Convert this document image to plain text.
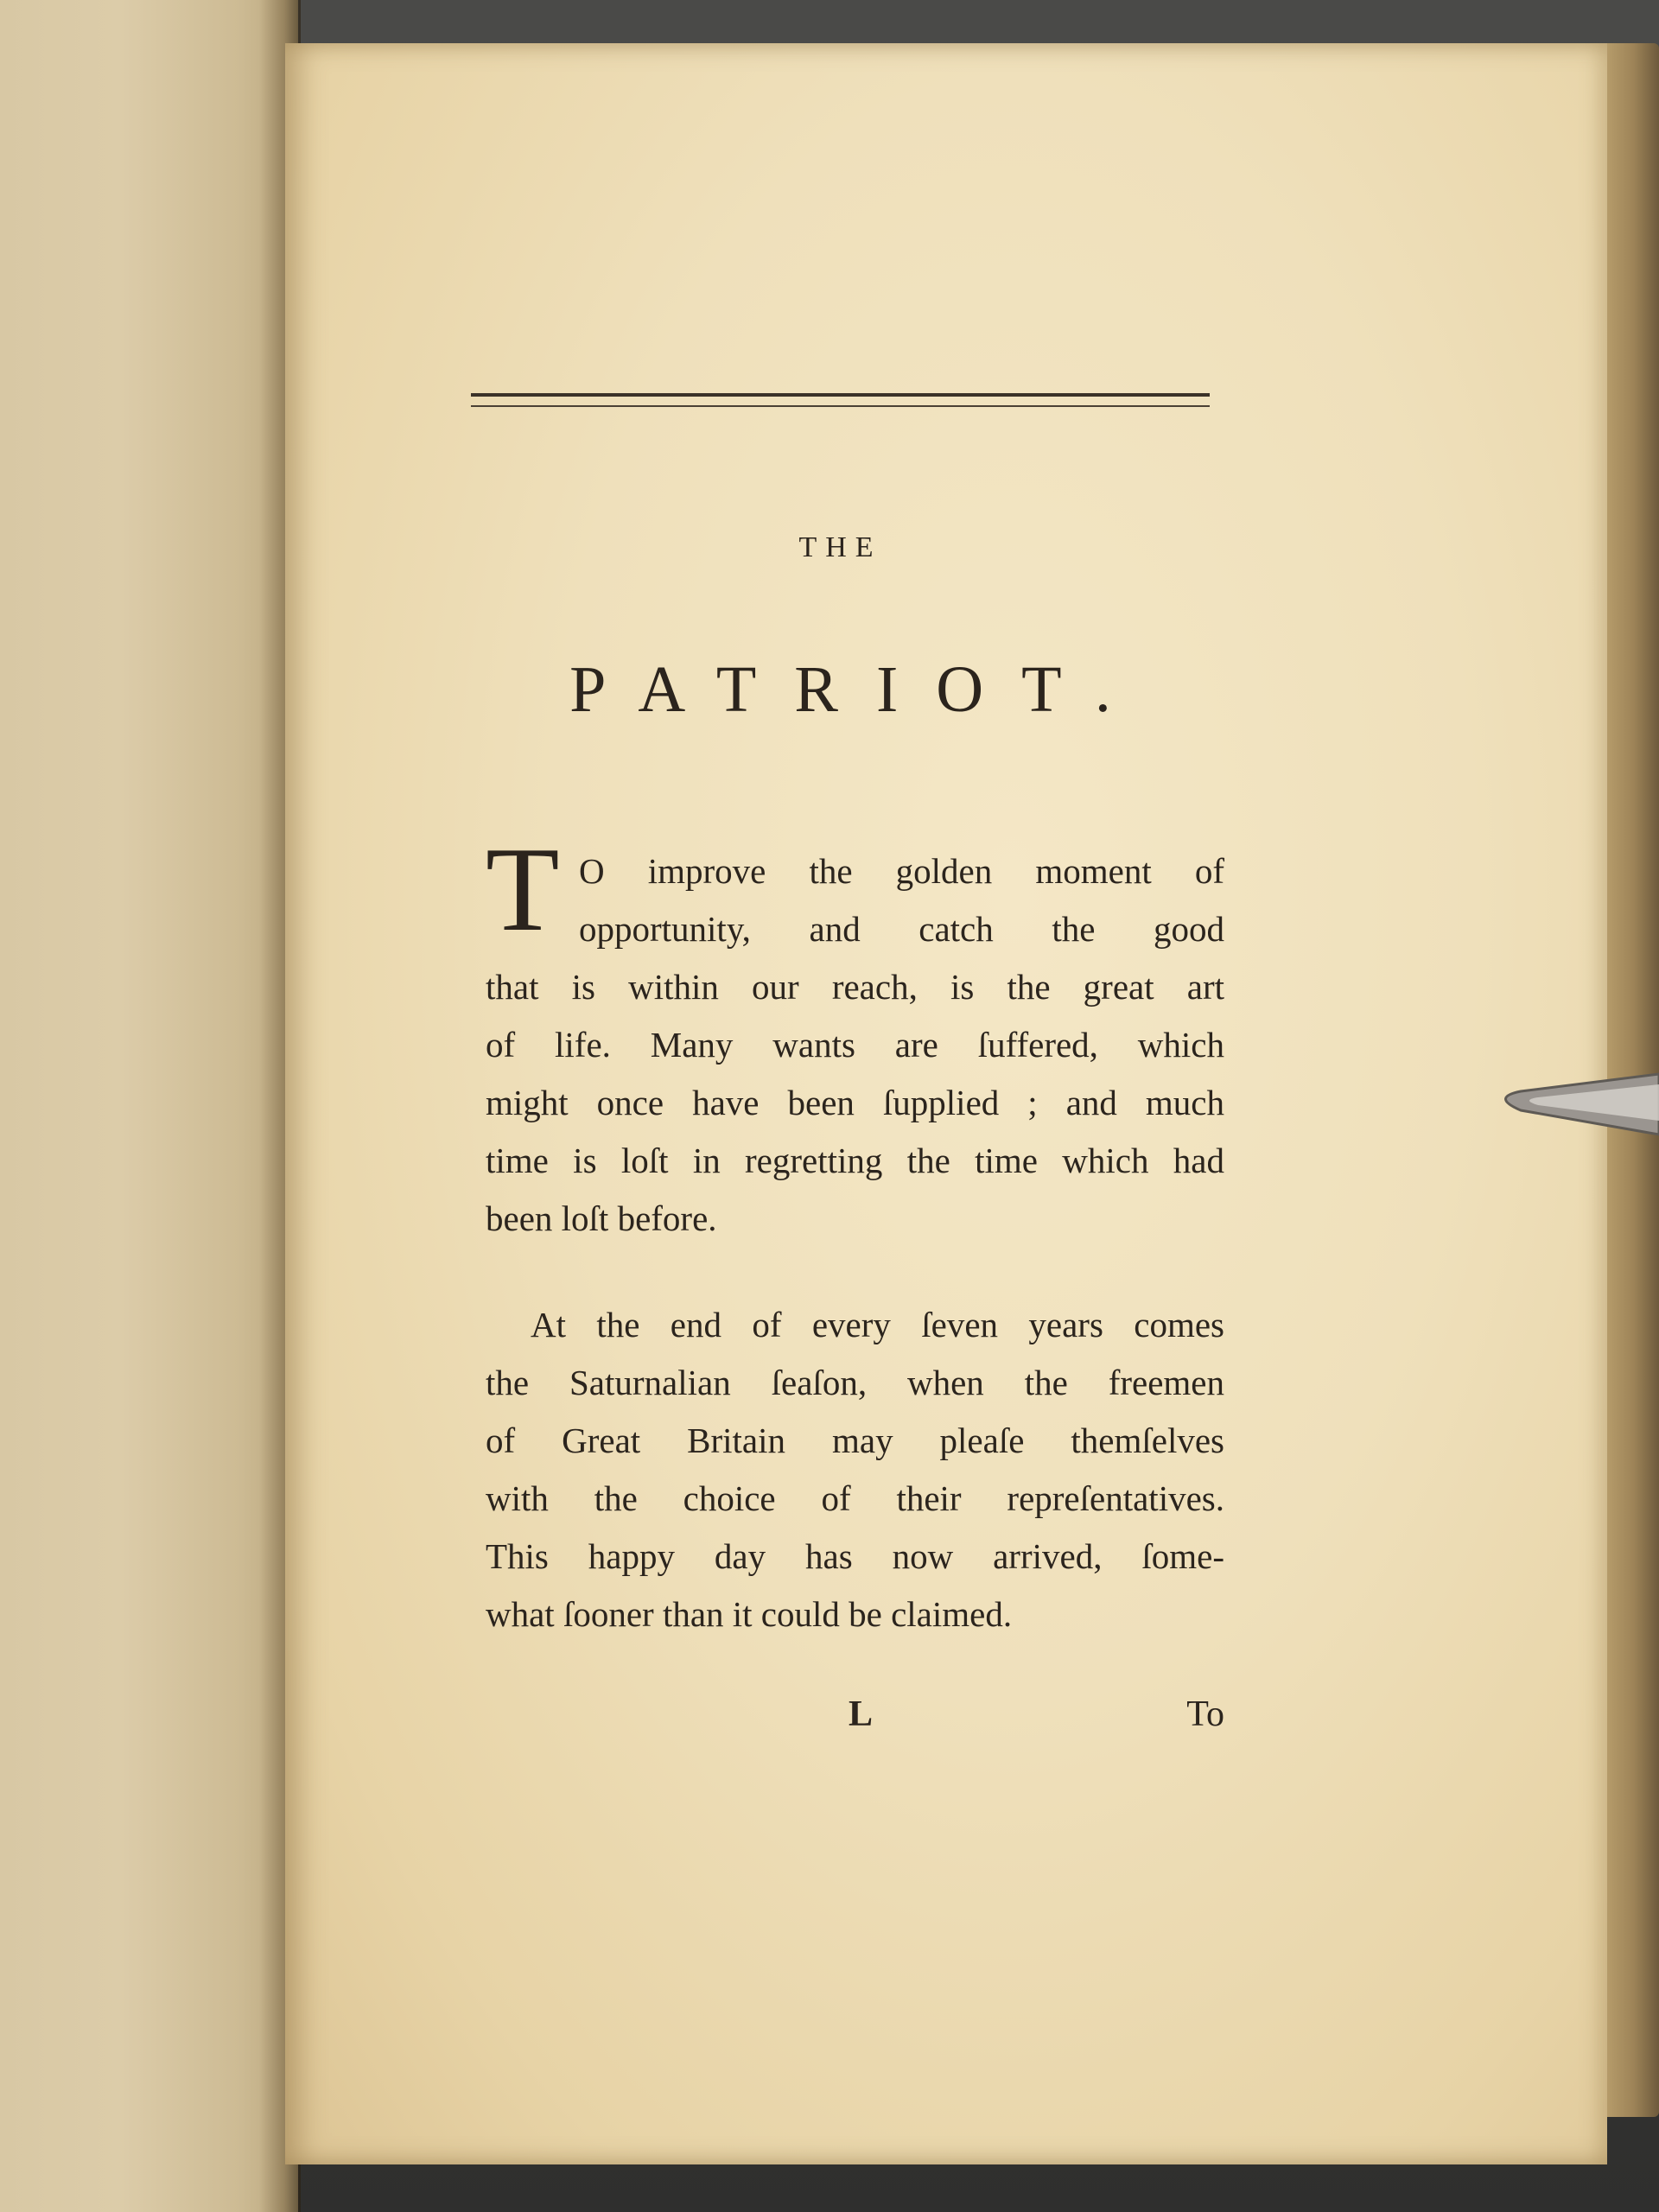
THE
PATRIOT.
T O improve the golden moment of
opportunity, and catch the good
that is within our reach, is the great art
of life. Many wants are ſuffered, which
might once have been ſupplied ; and much
time is loſt in regretting the time which had
been loſt before.
At the end of every ſeven years comes
the Saturnalian ſeaſon, when the freemen
of Great Britain may pleaſe themſelves
with the choice of their repreſentatives.
This happy day has now arrived, ſome-
what ſooner than it could be claimed.
L	To
